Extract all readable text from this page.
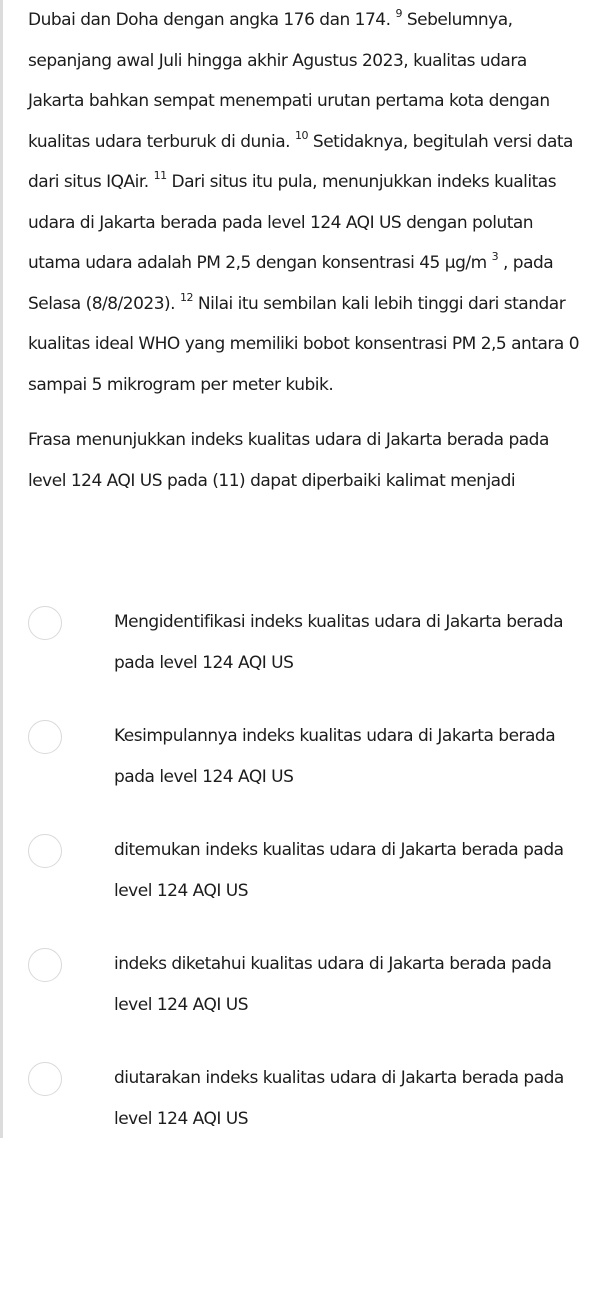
Dubai dan Doha dengan angka 176 dan 174. $^9$ Sebelumnya, sepanjang awal Juli hingga akhir Agustus 2023, kualitas udara Jakarta bahkan sempat menempati urutan pertama kota dengan kualitas udara terburuk di dunia. $^{10}$ Setidaknya, begitulah versi data dari situs IQAir. $^{11}$ Dari situs itu pula, menunjukkan indeks kualitas udara di Jakarta berada pada level 124 AQI US dengan polutan utama udara adalah PM 2,5 dengan konsentrasi 45 µg/m $^3$ , pada Selasa (8/8/2023). $^{12}$ Nilai itu sembilan kali lebih tinggi dari standar kualitas ideal WHO yang memiliki bobot konsentrasi PM 2,5 antara 0 sampai 5 mikrogram per meter kubik.

Frasa menunjukkan indeks kualitas udara di Jakarta berada pada level 124 AQI US pada (11) dapat diperbaiki kalimat menjadi
Mengidentifikasi indeks kualitas udara di Jakarta berada pada level 124 AQI US
Kesimpulannya indeks kualitas udara di Jakarta berada pada level 124 AQI US
ditemukan indeks kualitas udara di Jakarta berada pada level 124 AQI US
indeks diketahui kualitas udara di Jakarta berada pada level 124 AQI US
diutarakan indeks kualitas udara di Jakarta berada pada level 124 AQI US
